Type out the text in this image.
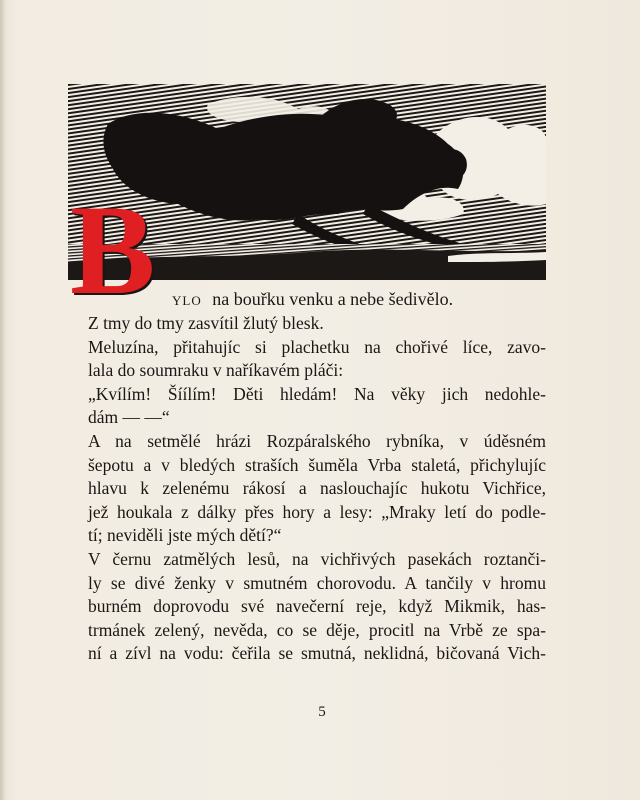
B	YLO na bouřku venku a nebe šedivělo.
Z tmy do tmy zasvítil žlutý blesk.
Meluzína, přitahujíc si plachetku na chořivé líce, zavo-
lala do soumraku v naříkavém pláči:
„Kvílím! Šíílím! Děti hledám! Na věky jich nedohle-
dám — —“
A na setmělé hrázi Rozpáralského rybníka, v úděsném
šepotu a v bledých straších šuměla Vrba staletá, přichylujíc
hlavu k zelenému rákosí a naslouchajíc hukotu Vichřice,
jež houkala z dálky přes hory a lesy: „Mraky letí do podle-
tí; neviděli jste mých dětí?“
V černu zatmělých lesů, na vichřivých pasekách roztanči-
ly se divé ženky v smutném chorovodu. A tančily v hromu
burném doprovodu své navečerní reje, když Mikmik, has-
trmánek zelený, nevěda, co se děje, procitl na Vrbě ze spa-
ní a zívl na vodu: čeřila se smutná, neklidná, bičovaná Vich-
5
